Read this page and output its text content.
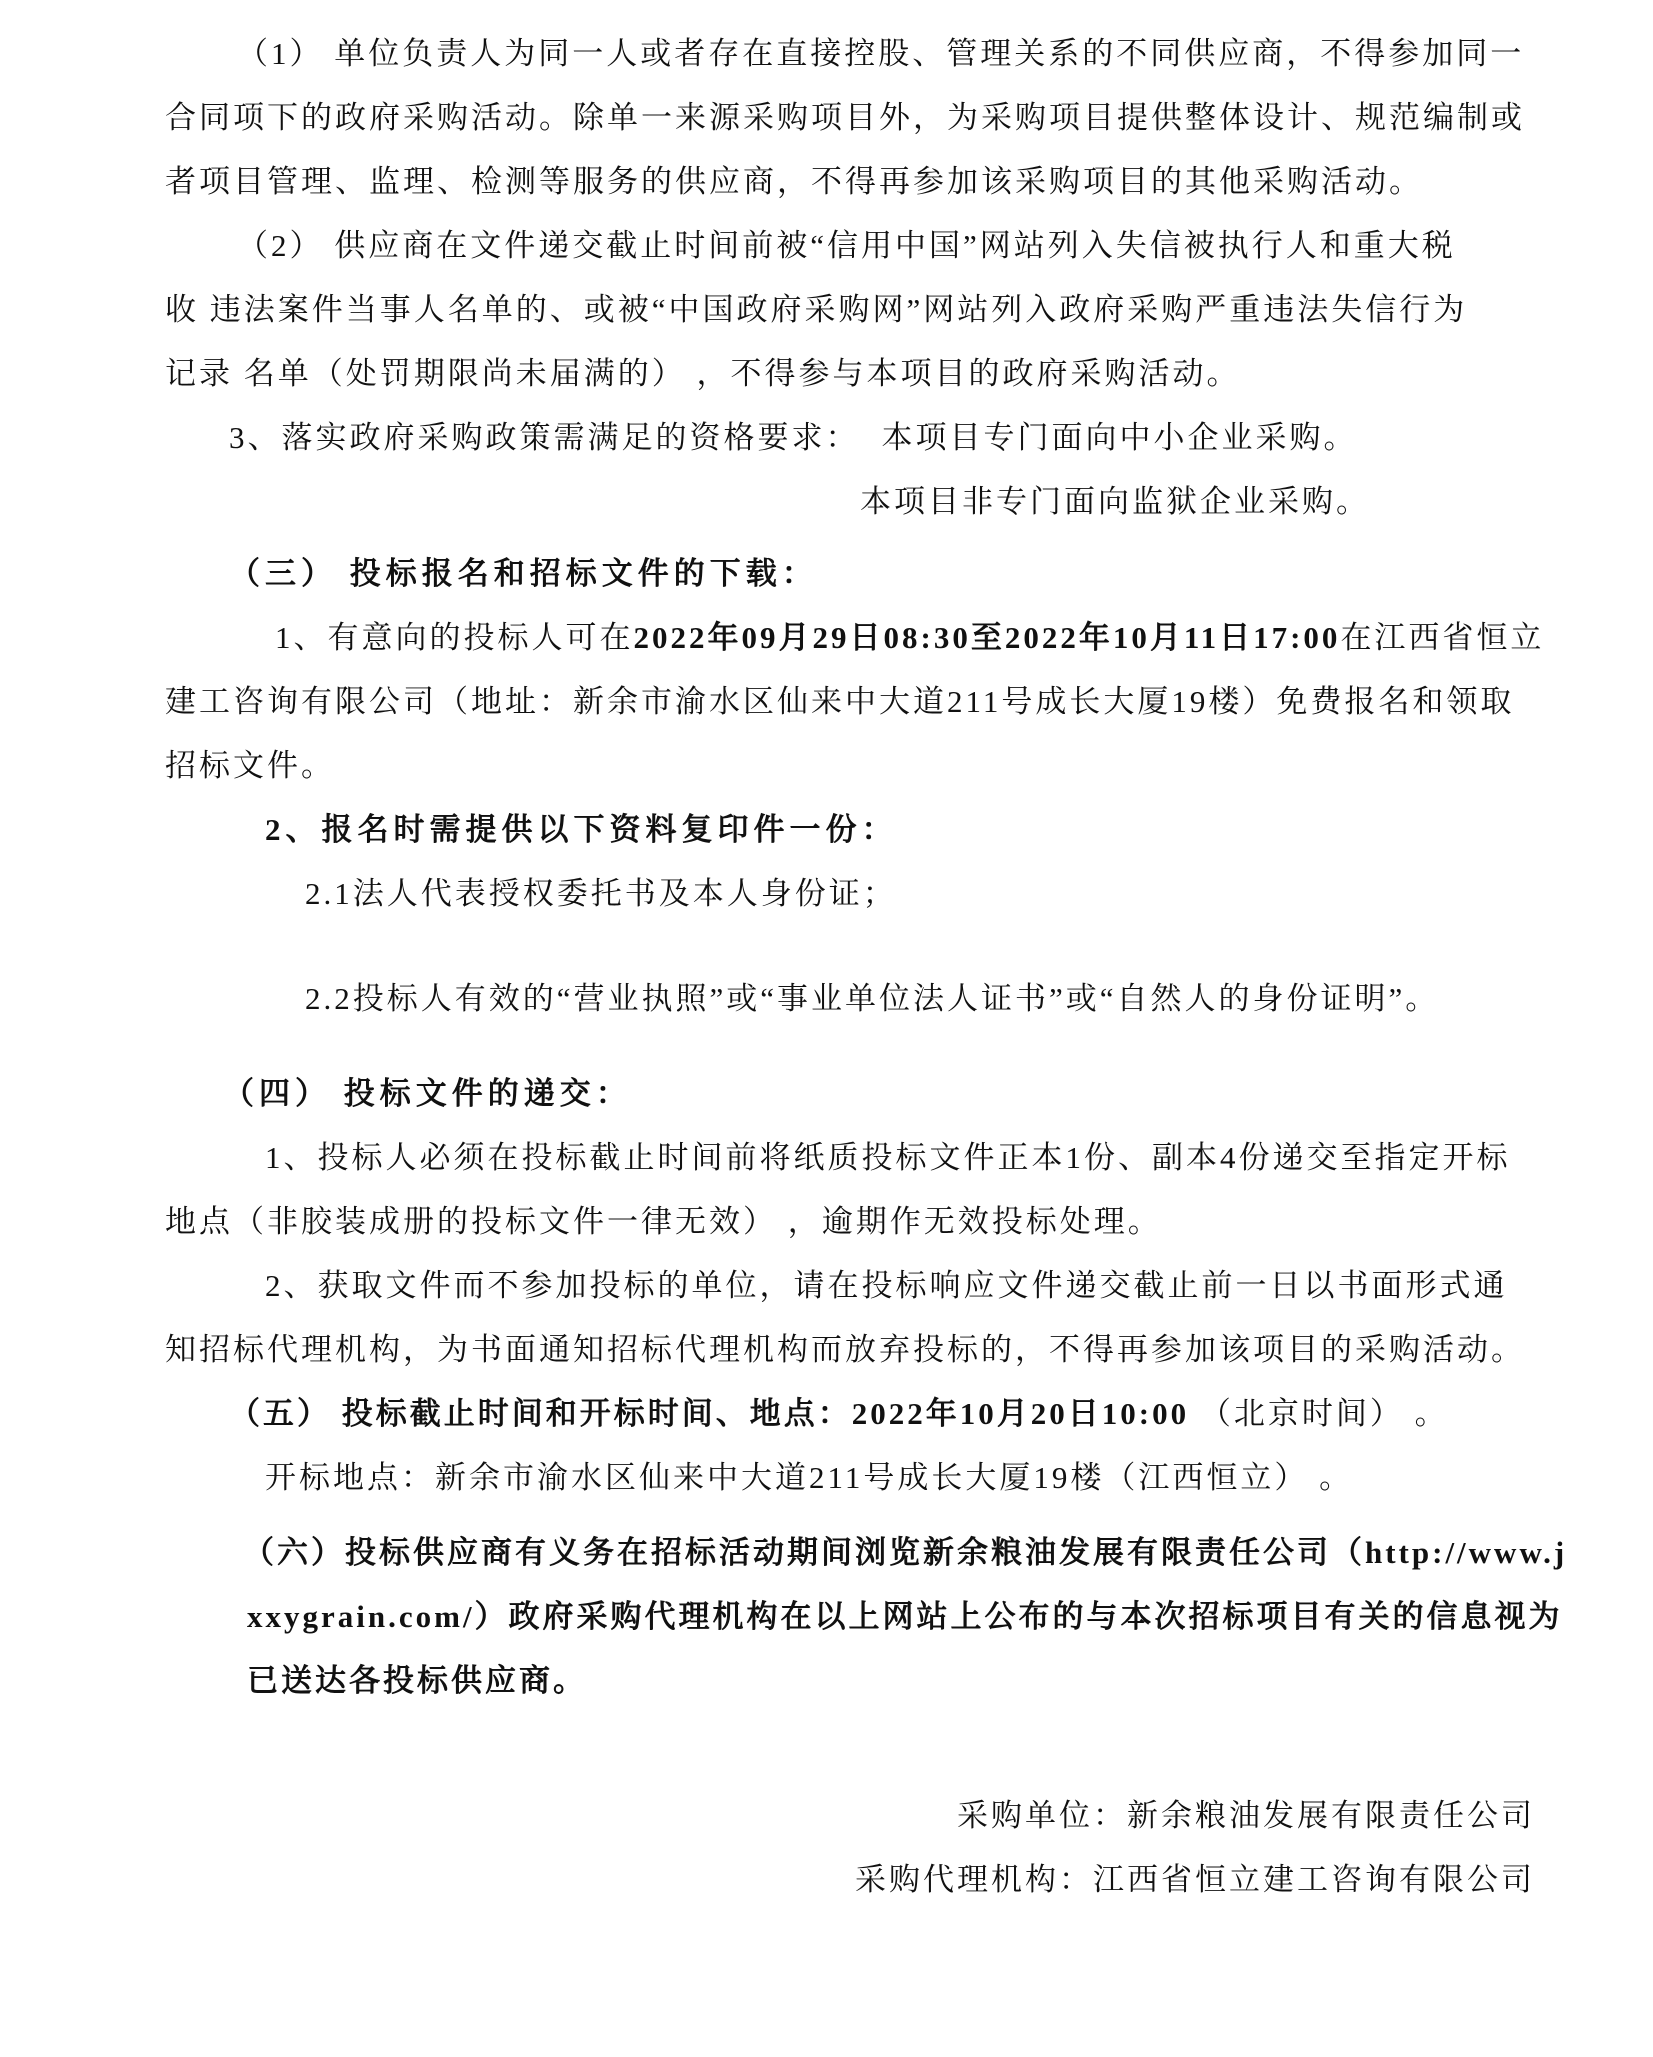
（1） 单位负责人为同一人或者存在直接控股、管理关系的不同供应商，不得参加同一
合同项下的政府采购活动。除单一来源采购项目外，为采购项目提供整体设计、规范编制或
者项目管理、监理、检测等服务的供应商，不得再参加该采购项目的其他采购活动。
（2） 供应商在文件递交截止时间前被“信用中国”网站列入失信被执行人和重大税
收 违法案件当事人名单的、或被“中国政府采购网”网站列入政府采购严重违法失信行为
记录 名单（处罚期限尚未届满的） ，不得参与本项目的政府采购活动。
3、落实政府采购政策需满足的资格要求： 本项目专门面向中小企业采购。
本项目非专门面向监狱企业采购。
（三） 投标报名和招标文件的下载：
1、有意向的投标人可在2022年09月29日08:30至2022年10月11日17:00在江西省恒立
建工咨询有限公司（地址：新余市渝水区仙来中大道211号成长大厦19楼）免费报名和领取
招标文件。
2、报名时需提供以下资料复印件一份：
2.1法人代表授权委托书及本人身份证；
2.2投标人有效的“营业执照”或“事业单位法人证书”或“自然人的身份证明”。
（四） 投标文件的递交：
1、投标人必须在投标截止时间前将纸质投标文件正本1份、副本4份递交至指定开标
地点（非胶装成册的投标文件一律无效） ，逾期作无效投标处理。
2、获取文件而不参加投标的单位，请在投标响应文件递交截止前一日以书面形式通
知招标代理机构，为书面通知招标代理机构而放弃投标的，不得再参加该项目的采购活动。
（五） 投标截止时间和开标时间、地点：2022年10月20日10:00 （北京时间） 。
开标地点：新余市渝水区仙来中大道211号成长大厦19楼（江西恒立） 。
（六）投标供应商有义务在招标活动期间浏览新余粮油发展有限责任公司（http://www.j
xxygrain.com/）政府采购代理机构在以上网站上公布的与本次招标项目有关的信息视为
已送达各投标供应商。
采购单位：新余粮油发展有限责任公司
采购代理机构：江西省恒立建工咨询有限公司
